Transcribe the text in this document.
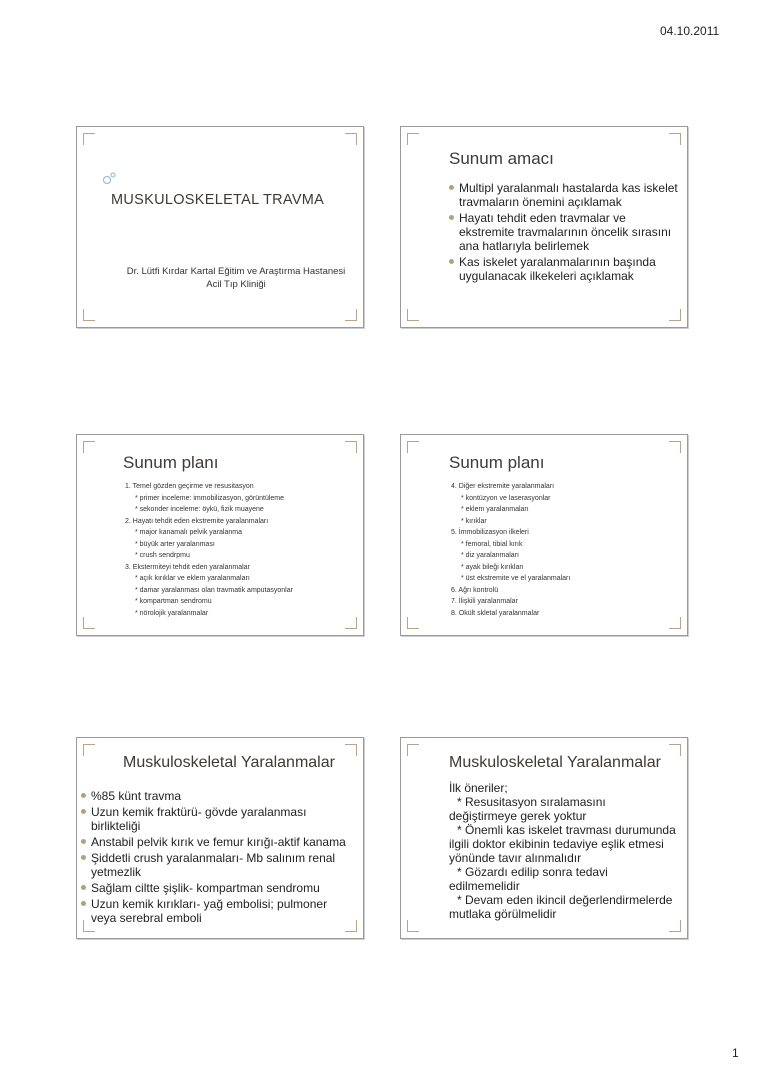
04.10.2011
MUSKULOSKELETAL TRAVMA
Dr. Lütfi Kırdar Kartal Eğitim ve Araştırma Hastanesi
Acil Tıp Kliniği
Sunum amacı
Multipl yaralanmalı hastalarda kas iskelet travmaların önemini açıklamak
Hayatı tehdit eden travmalar ve ekstremite travmalarının öncelik sırasını ana hatlarıyla belirlemek
Kas iskelet yaralanmalarının başında uygulanacak ilkekeleri açıklamak
Sunum planı
1. Temel gözden geçirme ve resusitasyon
* primer inceleme: immobilizasyon, görüntüleme
* sekonder inceleme: öykü, fizik muayene
2. Hayatı tehdit eden ekstremite yaralanmaları
* major kanamalı pelvik yaralanma
* büyük arter yaralanması
* crush sendrpmu
3. Ekstermiteyi tehdit eden yaralanmalar
* açık kırıklar ve eklem yaralanmaları
* damar yaralanması olan travmatik amputasyonlar
* kompartman sendromu
* nörolojik yaralanmalar
Sunum planı
4. Diğer ekstremite yaralanmaları
* kontüzyon ve laserasyonlar
* eklem yaralanmaları
* kırıklar
5. İmmobilizasyon ilkeleri
* femoral, tibial kırık
* diz yaralanmaları
* ayak bileği kırıkları
* üst ekstremite ve el yaralanmaları
6. Ağrı kontrolü
7. İlişkili yaralanmalar
8. Okült skletal yaralanmalar
Muskuloskeletal Yaralanmalar
%85 künt travma
Uzun kemik fraktürü- gövde yaralanması birlikteliği
Anstabil pelvik kırık ve femur kırığı-aktif kanama
Şiddetli crush yaralanmaları- Mb salınım renal yetmezlik
Sağlam ciltte şişlik- kompartman sendromu
Uzun kemik kırıkları- yağ embolisi; pulmoner veya serebral emboli
Muskuloskeletal Yaralanmalar
İlk öneriler;
* Resusitasyon sıralamasını
değiştirmeye gerek yoktur
* Önemli kas iskelet travması durumunda
ilgili doktor ekibinin tedaviye eşlik etmesi
yönünde tavır alınmalıdır
* Gözardı edilip sonra tedavi
edilmemelidir
* Devam eden ikincil değerlendirmelerde
mutlaka görülmelidir
1
